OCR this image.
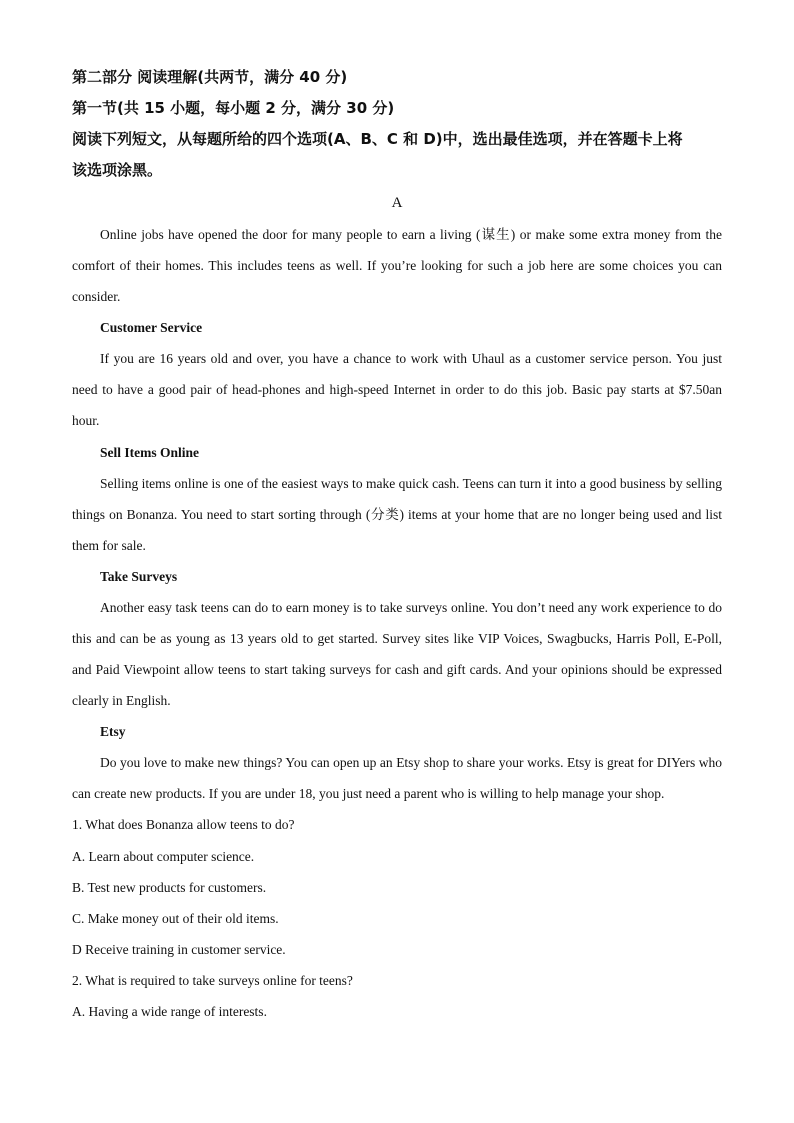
第二部分 阅读理解(共两节，满分 40 分)

第一节(共 15 小题，每小题 2 分，满分 30 分)

阅读下列短文，从每题所给的四个选项(A、B、C 和 D)中，选出最佳选项，并在答题卡上将

该选项涂黑。

A

Online jobs have opened the door for many people to earn a living (谋生) or make some extra money from the comfort of their homes. This includes teens as well. If you’re looking for such a job here are some choices you can consider.

Customer Service

If you are 16 years old and over, you have a chance to work with Uhaul as a customer service person. You just need to have a good pair of head-phones and high-speed Internet in order to do this job. Basic pay starts at $7.50an hour.

Sell Items Online

Selling items online is one of the easiest ways to make quick cash. Teens can turn it into a good business by selling things on Bonanza. You need to start sorting through (分类) items at your home that are no longer being used and list them for sale.

Take Surveys

Another easy task teens can do to earn money is to take surveys online. You don’t need any work experience to do this and can be as young as 13 years old to get started. Survey sites like VIP Voices, Swagbucks, Harris Poll, E-Poll, and Paid Viewpoint allow teens to start taking surveys for cash and gift cards. And your opinions should be expressed clearly in English.

Etsy

Do you love to make new things? You can open up an Etsy shop to share your works. Etsy is great for DIYers who can create new products. If you are under 18, you just need a parent who is willing to help manage your shop.

1. What does Bonanza allow teens to do?

A. Learn about computer science.

B. Test new products for customers.

C. Make money out of their old items.

D Receive training in customer service.

2. What is required to take surveys online for teens?

A. Having a wide range of interests.
